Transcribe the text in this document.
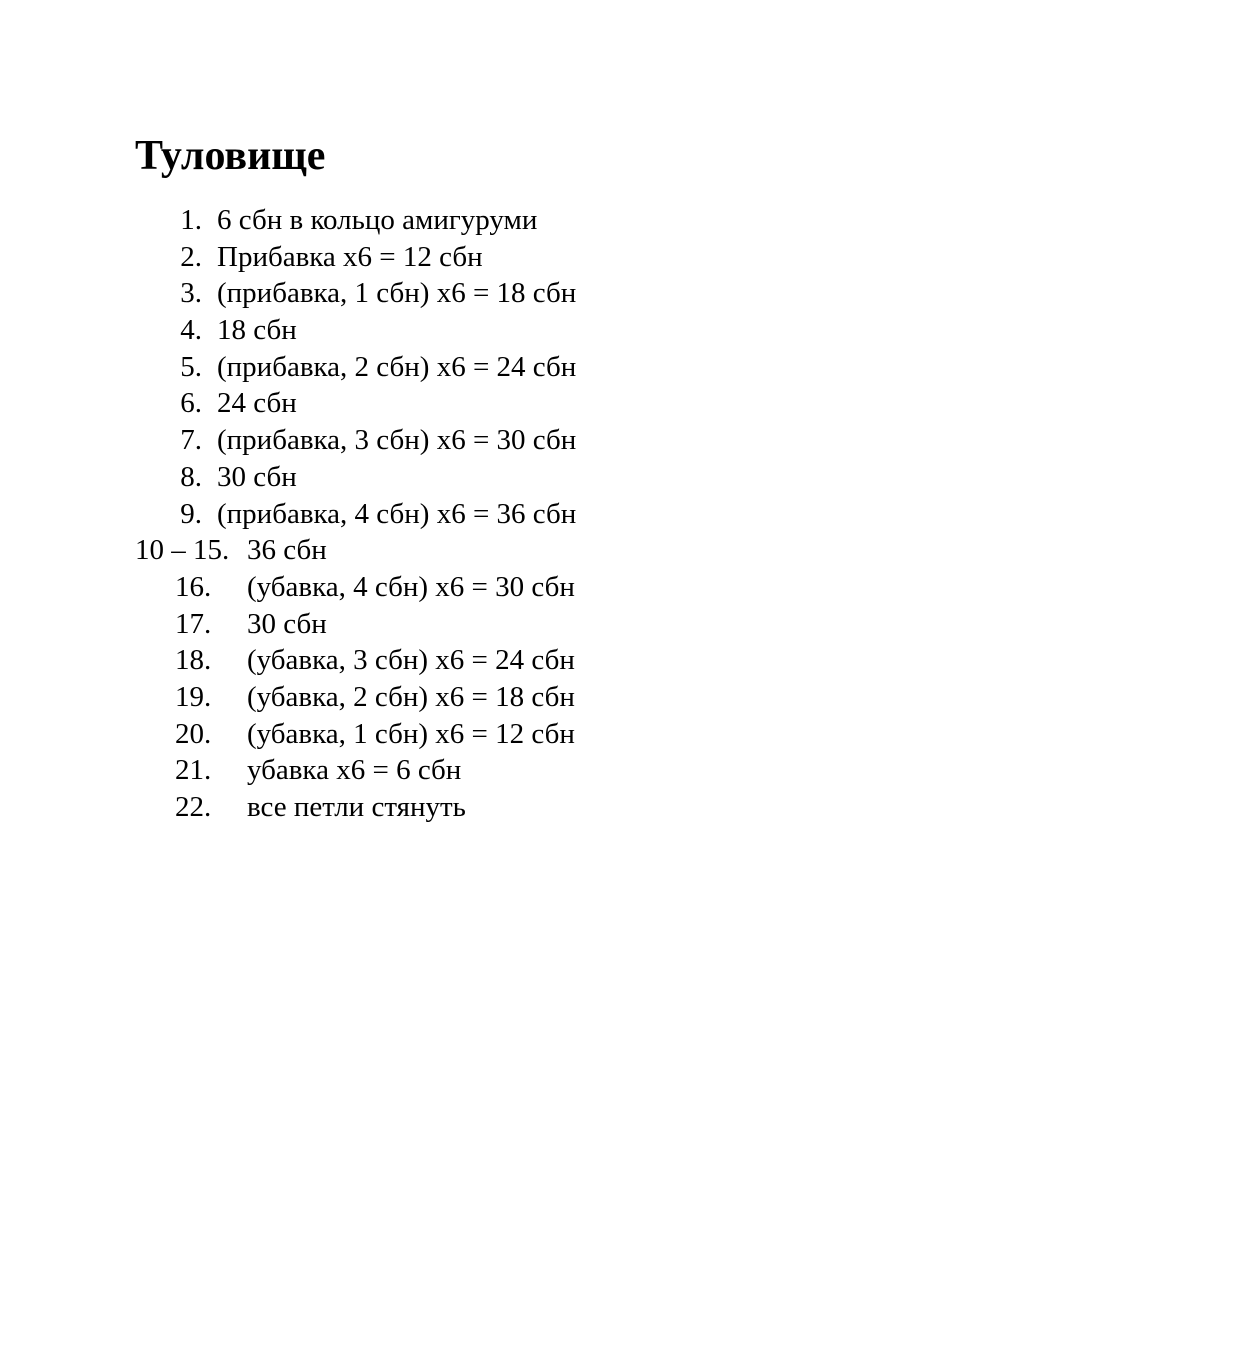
Туловище
1. 6 сбн в кольцо амигуруми
2. Прибавка x6 = 12 сбн
3. (прибавка, 1 сбн) x6 = 18 сбн
4. 18 сбн
5. (прибавка, 2 сбн) x6 = 24 сбн
6. 24 сбн
7. (прибавка, 3 сбн) x6 = 30 сбн
8. 30 сбн
9. (прибавка, 4 сбн) x6 = 36 сбн
10 – 15. 36 сбн
16. (убавка, 4 сбн) x6 = 30 сбн
17. 30 сбн
18. (убавка, 3 сбн) x6 = 24 сбн
19. (убавка, 2 сбн) x6 = 18 сбн
20. (убавка, 1 сбн) x6 = 12 сбн
21. убавка x6 = 6 сбн
22. все петли стянуть
